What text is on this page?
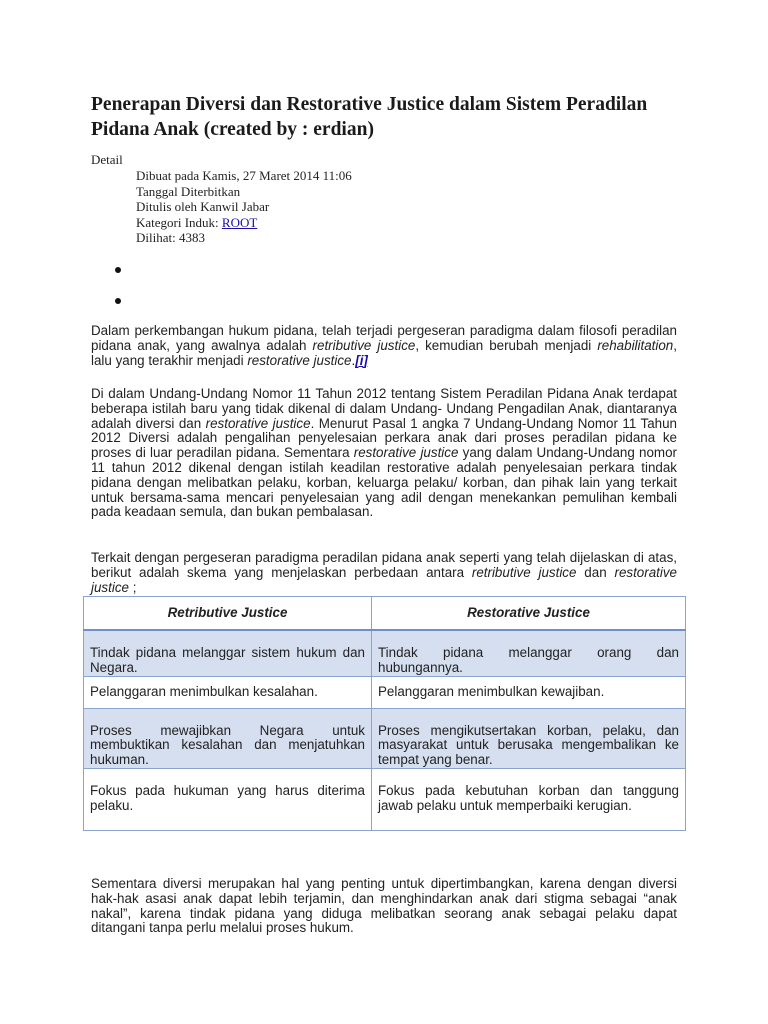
Penerapan Diversi dan Restorative Justice dalam Sistem Peradilan Pidana Anak (created by : erdian)
Detail
Dibuat pada Kamis, 27 Maret 2014 11:06
Tanggal Diterbitkan
Ditulis oleh Kanwil Jabar
Kategori Induk: ROOT
Dilihat: 4383

Dalam perkembangan hukum pidana, telah terjadi pergeseran paradigma dalam filosofi peradilan pidana anak, yang awalnya adalah retributive justice, kemudian berubah menjadi rehabilitation, lalu yang terakhir menjadi restorative justice.[i]

Di dalam Undang-Undang Nomor 11 Tahun 2012 tentang Sistem Peradilan Pidana Anak terdapat beberapa istilah baru yang tidak dikenal di dalam Undang- Undang Pengadilan Anak, diantaranya adalah diversi dan restorative justice. Menurut Pasal 1 angka 7 Undang-Undang Nomor 11 Tahun 2012 Diversi adalah pengalihan penyelesaian perkara anak dari proses peradilan pidana ke proses di luar peradilan pidana. Sementara restorative justice yang dalam Undang-Undang nomor 11 tahun 2012 dikenal dengan istilah keadilan restorative adalah penyelesaian perkara tindak pidana dengan melibatkan pelaku, korban, keluarga pelaku/ korban, dan pihak lain yang terkait untuk bersama-sama mencari penyelesaian yang adil dengan menekankan pemulihan kembali pada keadaan semula, dan bukan pembalasan.

Terkait dengan pergeseran paradigma peradilan pidana anak seperti yang telah dijelaskan di atas, berikut adalah skema yang menjelaskan perbedaan antara retributive justice dan restorative justice ;

Retributive Justice	Restorative Justice
Tindak pidana melanggar sistem hukum dan Negara.	Tindak pidana melanggar orang dan hubungannya.
Pelanggaran menimbulkan kesalahan.	Pelanggaran menimbulkan kewajiban.
Proses mewajibkan Negara untuk membuktikan kesalahan dan menjatuhkan hukuman.	Proses mengikutsertakan korban, pelaku, dan masyarakat untuk berusaka mengembalikan ke tempat yang benar.
Fokus pada hukuman yang harus diterima pelaku.	Fokus pada kebutuhan korban dan tanggung jawab pelaku untuk memperbaiki kerugian.

Sementara diversi merupakan hal yang penting untuk dipertimbangkan, karena dengan diversi hak-hak asasi anak dapat lebih terjamin, dan menghindarkan anak dari stigma sebagai “anak nakal”, karena tindak pidana yang diduga melibatkan seorang anak sebagai pelaku dapat ditangani tanpa perlu melalui proses hukum.
